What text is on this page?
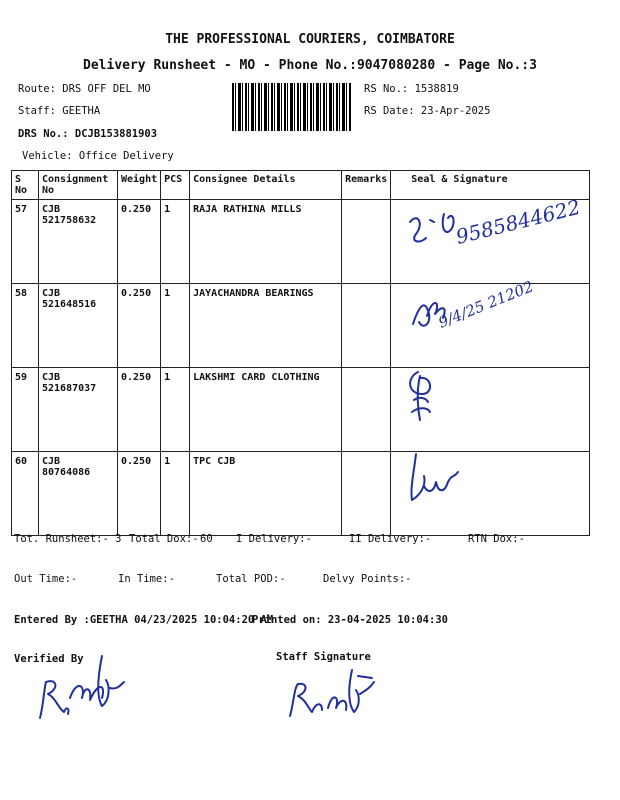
THE PROFESSIONAL COURIERS, COIMBATORE
Delivery Runsheet - MO - Phone No.:9047080280 - Page No.:3
Route: DRS OFF DEL MO
Staff: GEETHA
DRS No.: DCJB153881903
Vehicle: Office Delivery
RS No.: 1538819
RS Date: 23-Apr-2025
S No	Consignment No	Weight	PCS	Consignee Details	Remarks	Seal & Signature
57	CJB 521758632	0.250	1	RAJA RATHINA MILLS		
58	CJB 521648516	0.250	1	JAYACHANDRA BEARINGS		
59	CJB 521687037	0.250	1	LAKSHMI CARD CLOTHING		
60	CJB 80764086	0.250	1	TPC CJB		
9585844622
9/4/25 21202
Tot. Runsheet:- 3 Total Dox:- 60 I Delivery:-	II Delivery:-	RTN Dox:-
Out Time:-	In Time:-	Total POD:-	Delvy Points:-
Entered By :GEETHA 04/23/2025 10:04:20 AM
Printed on: 23-04-2025 10:04:30
Verified By	Staff Signature
